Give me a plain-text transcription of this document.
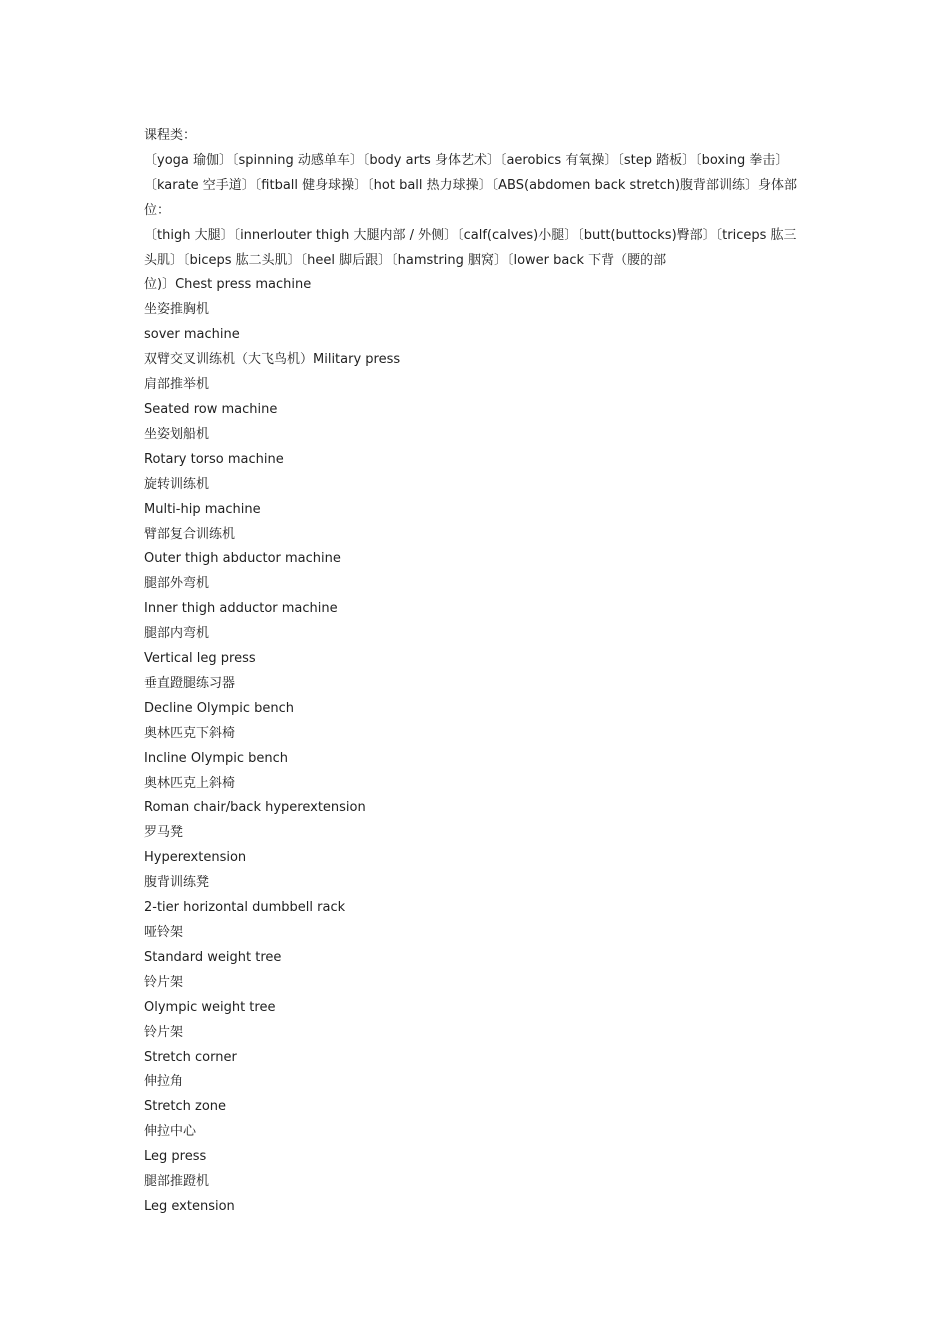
课程类：

〔yoga 瑜伽〕〔spinning 动感单车〕〔body arts 身体艺术〕〔aerobics 有氧操〕〔step 踏板〕〔boxing 拳击〕

〔karate 空手道〕〔fitball 健身球操〕〔hot ball 热力球操〕〔ABS(abdomen back stretch)腹背部训练〕身体部

位：

〔thigh 大腿〕〔innerlouter thigh 大腿内部 / 外侧〕〔calf(calves)小腿〕〔butt(buttocks)臀部〕〔triceps 肱三

头肌〕〔biceps 肱二头肌〕〔heel 脚后跟〕〔hamstring 胭窝〕〔lower back 下背（腰的部

位)〕Chest press machine

坐姿推胸机

sover machine

双臂交叉训练机（大飞鸟机）Military press

肩部推举机

Seated row machine

坐姿划船机

Rotary torso machine

旋转训练机

Multi-hip machine

臂部复合训练机

Outer thigh abductor machine

腿部外弯机

Inner thigh adductor machine

腿部内弯机

Vertical leg press

垂直蹬腿练习器

Decline Olympic bench

奥林匹克下斜椅

Incline Olympic bench

奥林匹克上斜椅

Roman chair/back hyperextension

罗马凳

Hyperextension

腹背训练凳

2-tier horizontal dumbbell rack

哑铃架

Standard weight tree

铃片架

Olympic weight tree

铃片架

Stretch corner

伸拉角

Stretch zone

伸拉中心

Leg press

腿部推蹬机

Leg extension
